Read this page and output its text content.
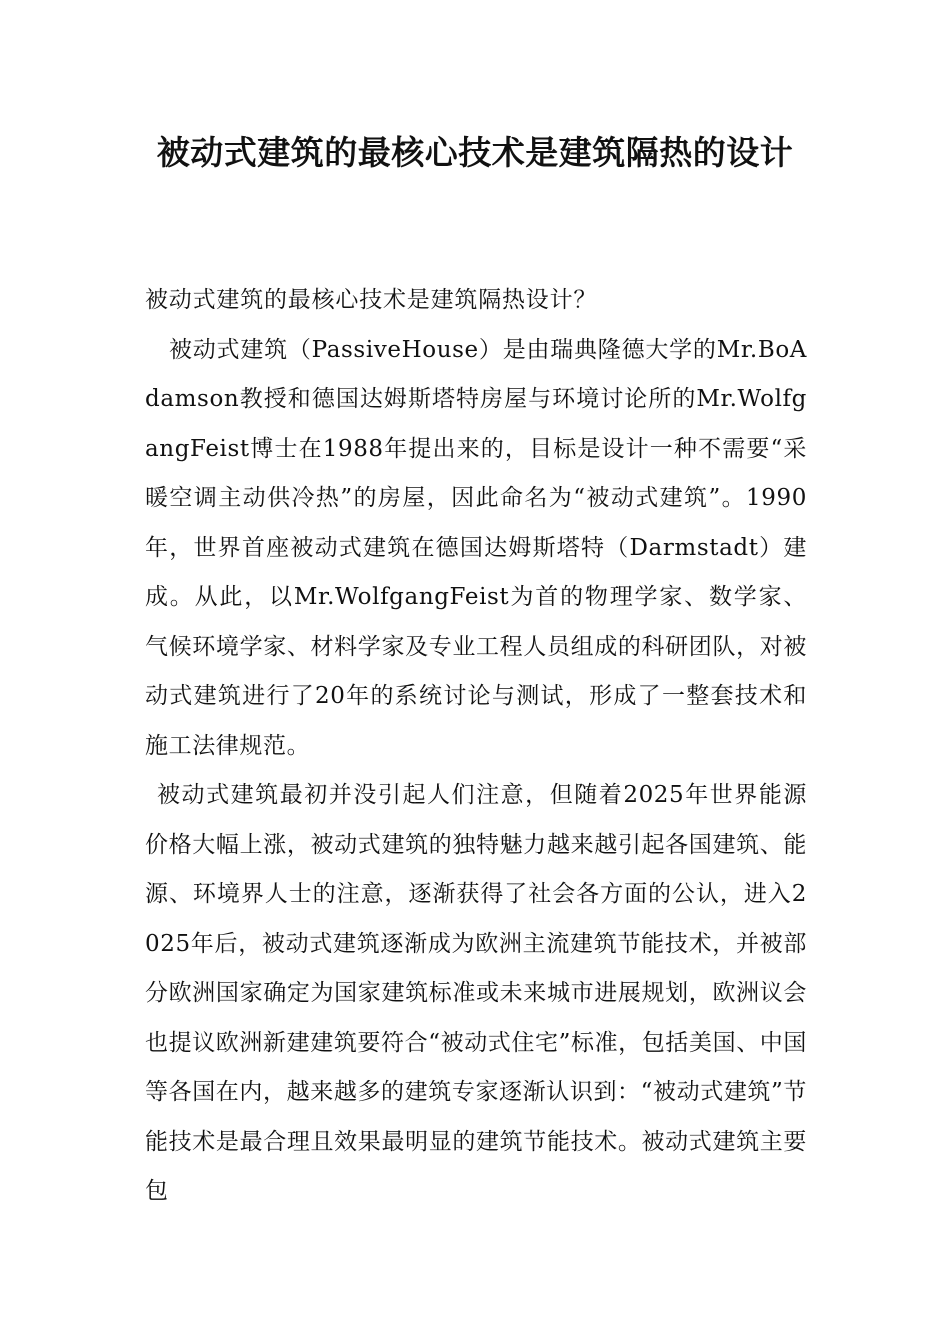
被动式建筑的最核心技术是建筑隔热的设计

被动式建筑的最核心技术是建筑隔热设计？

被动式建筑（PassiveHouse）是由瑞典隆德大学的Mr.BoAdamson教授和德国达姆斯塔特房屋与环境讨论所的Mr.WolfgangFeist博士在1988年提出来的，目标是设计一种不需要“采暖空调主动供冷热”的房屋，因此命名为“被动式建筑”。1990年，世界首座被动式建筑在德国达姆斯塔特（Darmstadt）建成。从此，以Mr.WolfgangFeist为首的物理学家、数学家、气候环境学家、材料学家及专业工程人员组成的科研团队，对被动式建筑进行了20年的系统讨论与测试，形成了一整套技术和施工法律规范。

被动式建筑最初并没引起人们注意，但随着2025年世界能源价格大幅上涨，被动式建筑的独特魅力越来越引起各国建筑、能源、环境界人士的注意，逐渐获得了社会各方面的公认，进入2025年后，被动式建筑逐渐成为欧洲主流建筑节能技术，并被部分欧洲国家确定为国家建筑标准或未来城市进展规划，欧洲议会也提议欧洲新建建筑要符合“被动式住宅”标准，包括美国、中国等各国在内，越来越多的建筑专家逐渐认识到：“被动式建筑”节能技术是最合理且效果最明显的建筑节能技术。被动式建筑主要包
